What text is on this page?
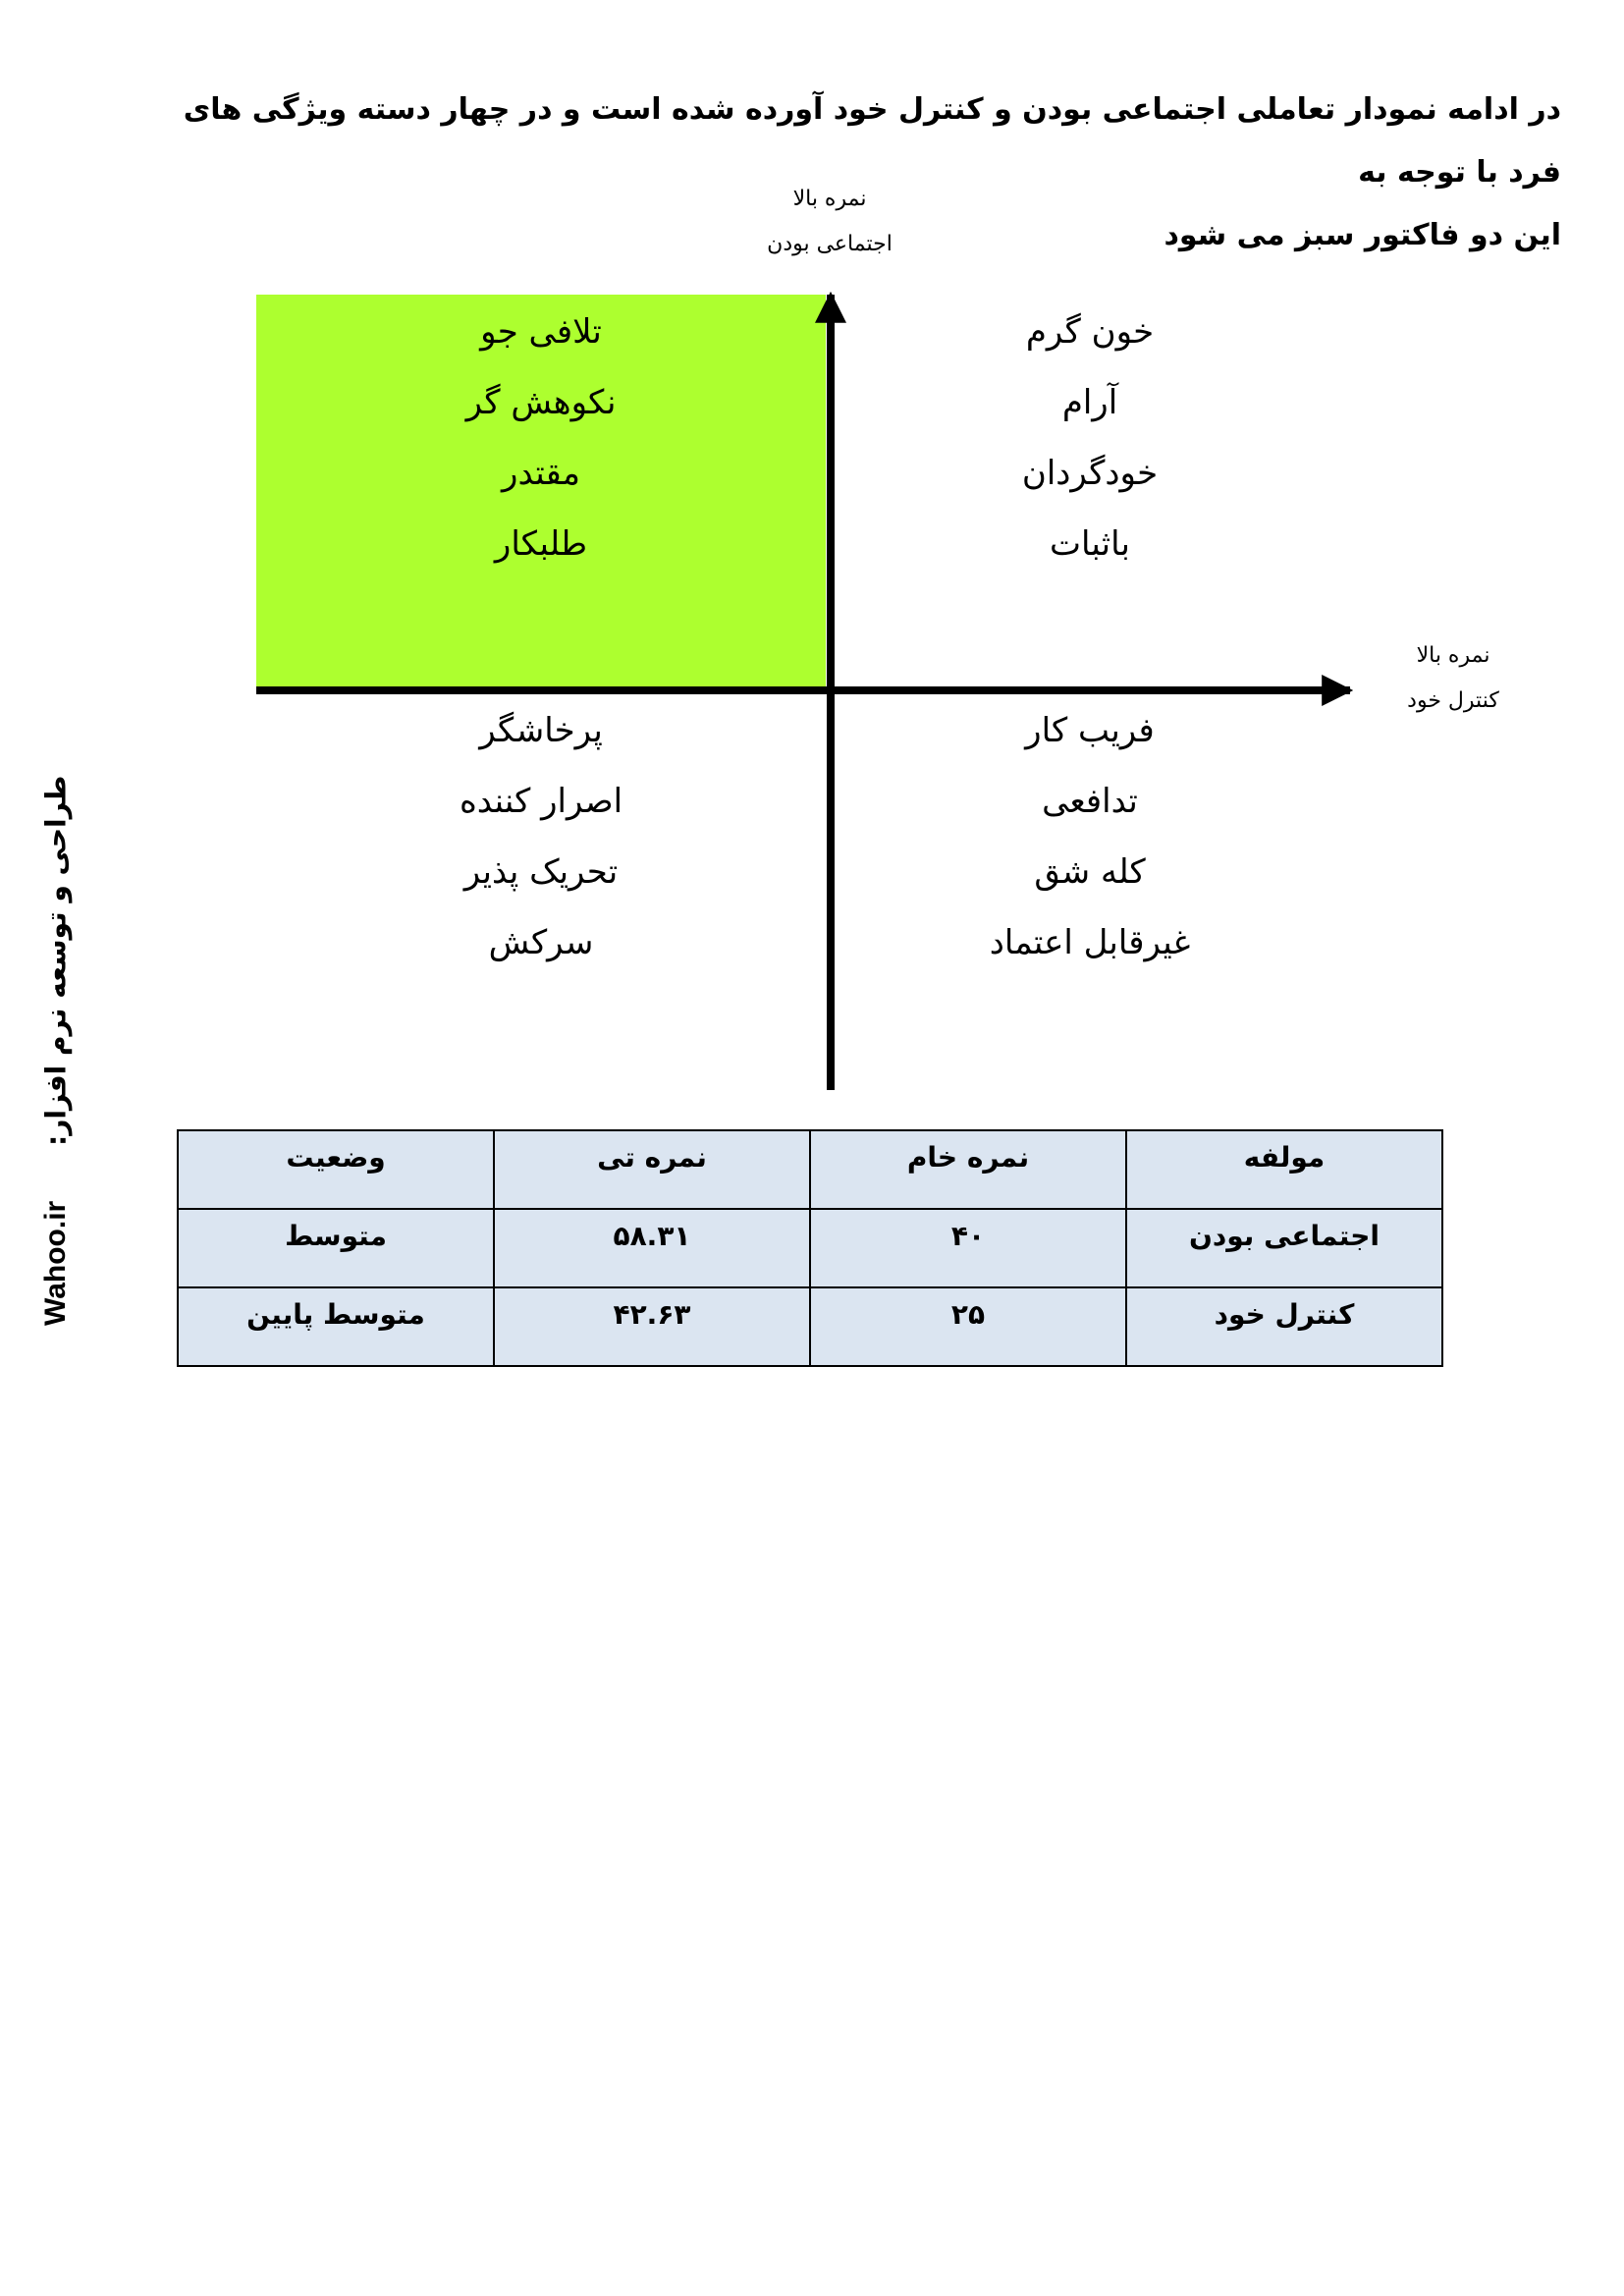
در ادامه نمودار تعاملی اجتماعی بودن و کنترل خود آورده شده است و در چهار دسته ویژگی های فرد با توجه به
این دو فاکتور سبز می شود
Wahoo.ir
طراحی و توسعه نرم افزار:
نمره بالا
اجتماعی بودن
نمره بالا
کنترل خود
تلافی جو
نکوهش گر
مقتدر
طلبکار
خون گرم
آرام
خودگردان
باثبات
پرخاشگر
اصرار کننده
تحریک پذیر
سرکش
فریب کار
تدافعی
کله شق
غیرقابل اعتماد
مولفه	نمره خام	نمره تی	وضعیت
اجتماعی بودن	۴۰	۵۸.۳۱	متوسط
کنترل خود	۲۵	۴۲.۶۳	متوسط پایین
